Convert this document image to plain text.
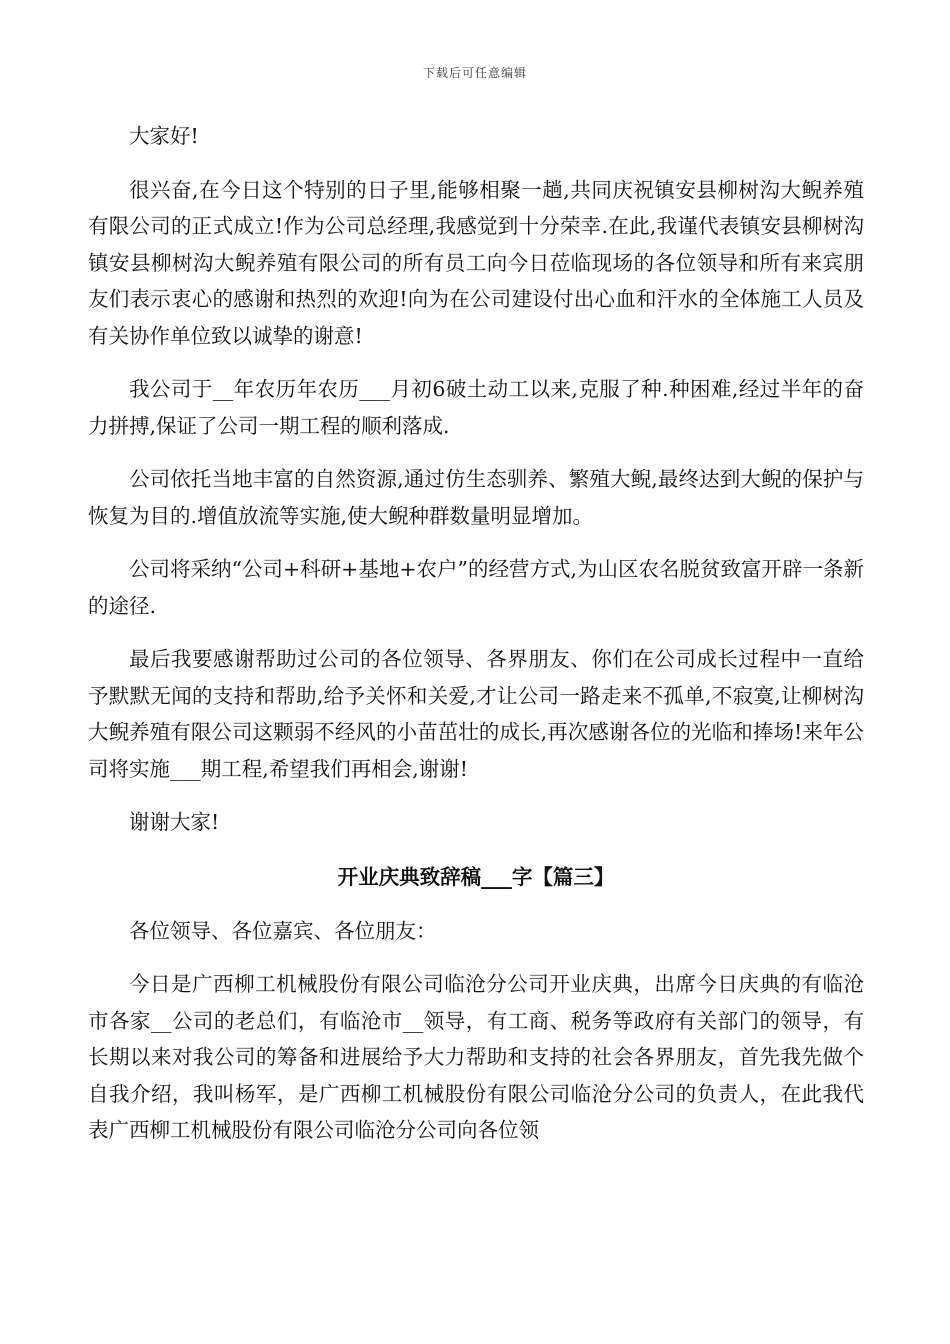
下载后可任意编辑

大家好!

很兴奋,在今日这个特别的日子里,能够相聚一趟,共同庆祝镇安县柳树沟大鲵养殖有限公司的正式成立!作为公司总经理,我感觉到十分荣幸.在此,我谨代表镇安县柳树沟镇安县柳树沟大鲵养殖有限公司的所有员工向今日莅临现场的各位领导和所有来宾朋友们表示衷心的感谢和热烈的欢迎!向为在公司建设付出心血和汗水的全体施工人员及有关协作单位致以诚挚的谢意!

我公司于__年农历年农历___月初6破土动工以来,克服了种.种困难,经过半年的奋力拼搏,保证了公司一期工程的顺利落成.

公司依托当地丰富的自然资源,通过仿生态驯养、繁殖大鲵,最终达到大鲵的保护与恢复为目的.增值放流等实施,使大鲵种群数量明显增加。

公司将采纳“公司+科研+基地+农户”的经营方式,为山区农名脱贫致富开辟一条新的途径.

最后我要感谢帮助过公司的各位领导、各界朋友、你们在公司成长过程中一直给予默默无闻的支持和帮助,给予关怀和关爱,才让公司一路走来不孤单,不寂寞,让柳树沟大鲵养殖有限公司这颗弱不经风的小苗茁壮的成长,再次感谢各位的光临和捧场!来年公司将实施___期工程,希望我们再相会,谢谢!

谢谢大家!

开业庆典致辞稿___字【篇三】

各位领导、各位嘉宾、各位朋友：

今日是广西柳工机械股份有限公司临沧分公司开业庆典，出席今日庆典的有临沧市各家__公司的老总们，有临沧市__领导，有工商、税务等政府有关部门的领导，有长期以来对我公司的筹备和进展给予大力帮助和支持的社会各界朋友，首先我先做个自我介绍，我叫杨军，是广西柳工机械股份有限公司临沧分公司的负责人，在此我代表广西柳工机械股份有限公司临沧分公司向各位领
